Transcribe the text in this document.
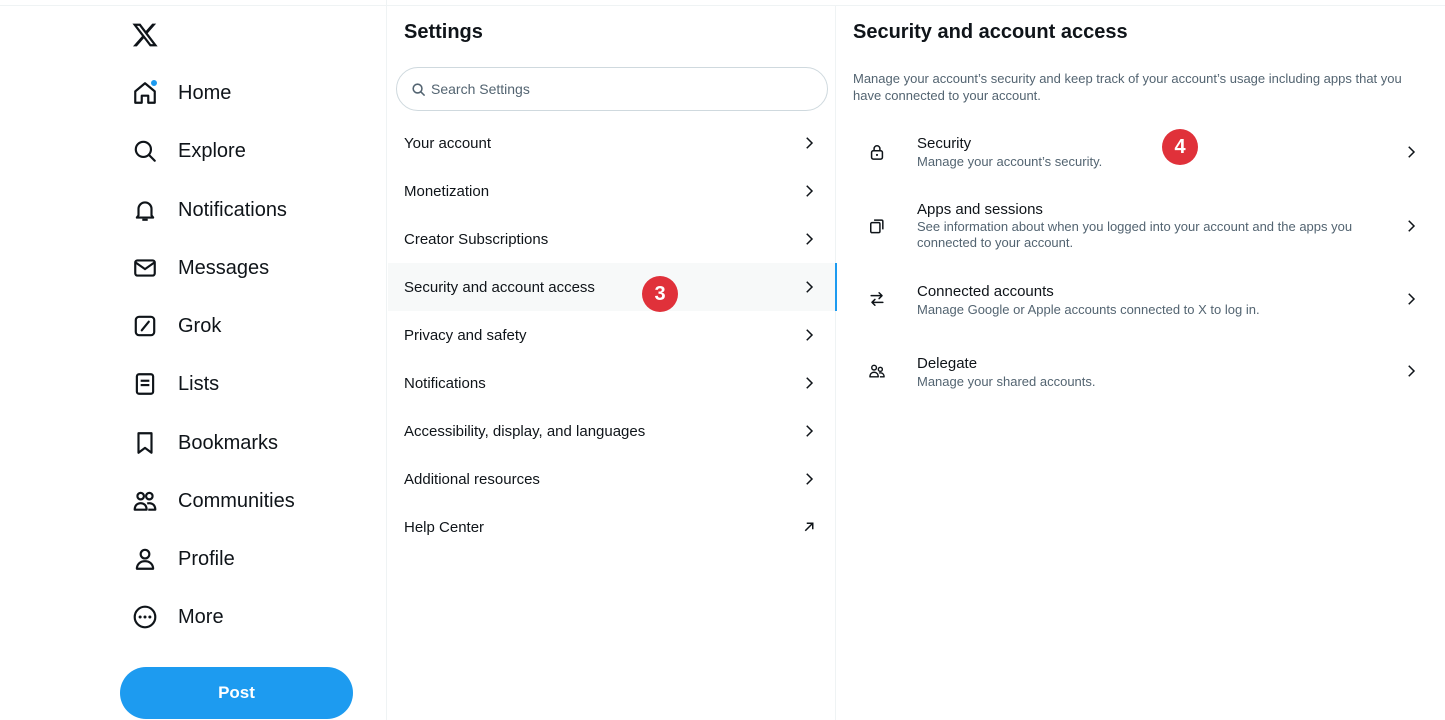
Home
Explore
Notifications
Messages
Grok
Lists
Bookmarks
Communities
Profile
More
Post
Settings
Search Settings
Your account
Monetization
Creator Subscriptions
Security and account access
Privacy and safety
Notifications
Accessibility, display, and languages
Additional resources
Help Center
3
Security and account access

Manage your account’s security and keep track of your account’s usage including apps that you have connected to your account.

Security
Manage your account’s security.
Apps and sessions
See information about when you logged into your account and the apps you connected to your account.
Connected accounts
Manage Google or Apple accounts connected to X to log in.
Delegate
Manage your shared accounts.
4
